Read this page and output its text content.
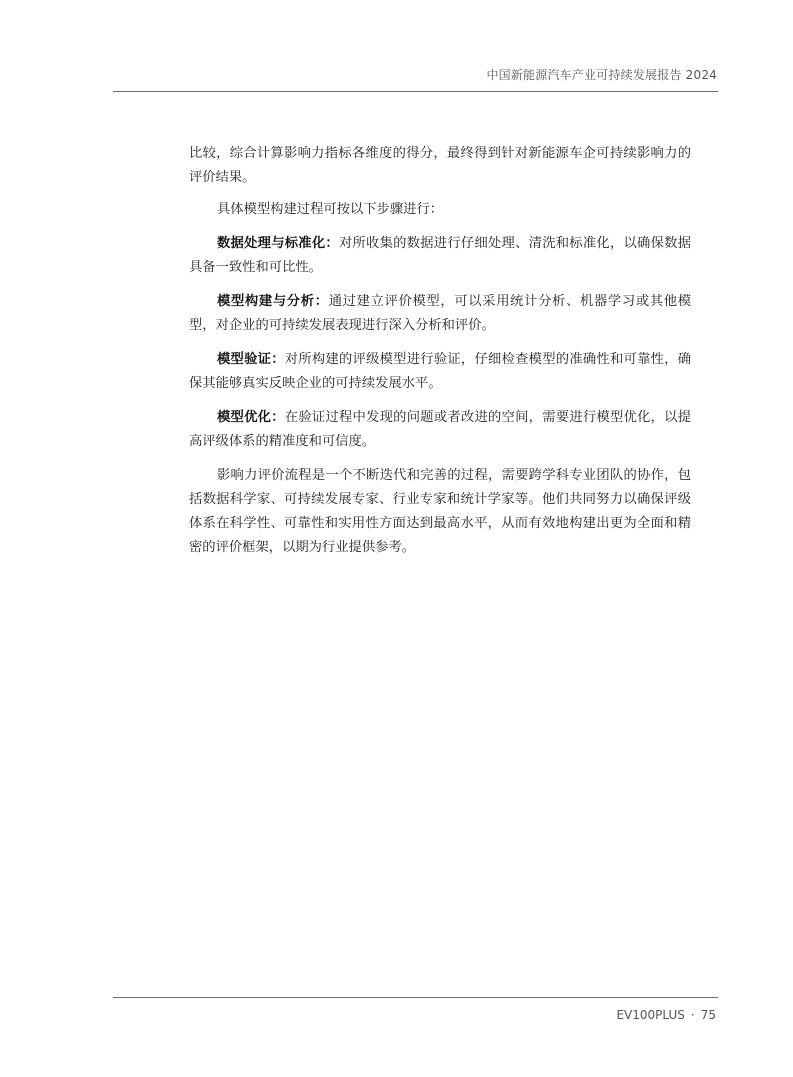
中国新能源汽车产业可持续发展报告 2024

比较，综合计算影响力指标各维度的得分，最终得到针对新能源车企可持续影响力的评价结果。

具体模型构建过程可按以下步骤进行：

数据处理与标准化：对所收集的数据进行仔细处理、清洗和标准化，以确保数据具备一致性和可比性。

模型构建与分析：通过建立评价模型，可以采用统计分析、机器学习或其他模型，对企业的可持续发展表现进行深入分析和评价。

模型验证：对所构建的评级模型进行验证，仔细检查模型的准确性和可靠性，确保其能够真实反映企业的可持续发展水平。

模型优化：在验证过程中发现的问题或者改进的空间，需要进行模型优化，以提高评级体系的精准度和可信度。

影响力评价流程是一个不断迭代和完善的过程，需要跨学科专业团队的协作，包括数据科学家、可持续发展专家、行业专家和统计学家等。他们共同努力以确保评级体系在科学性、可靠性和实用性方面达到最高水平，从而有效地构建出更为全面和精密的评价框架，以期为行业提供参考。

EV100PLUS · 75
